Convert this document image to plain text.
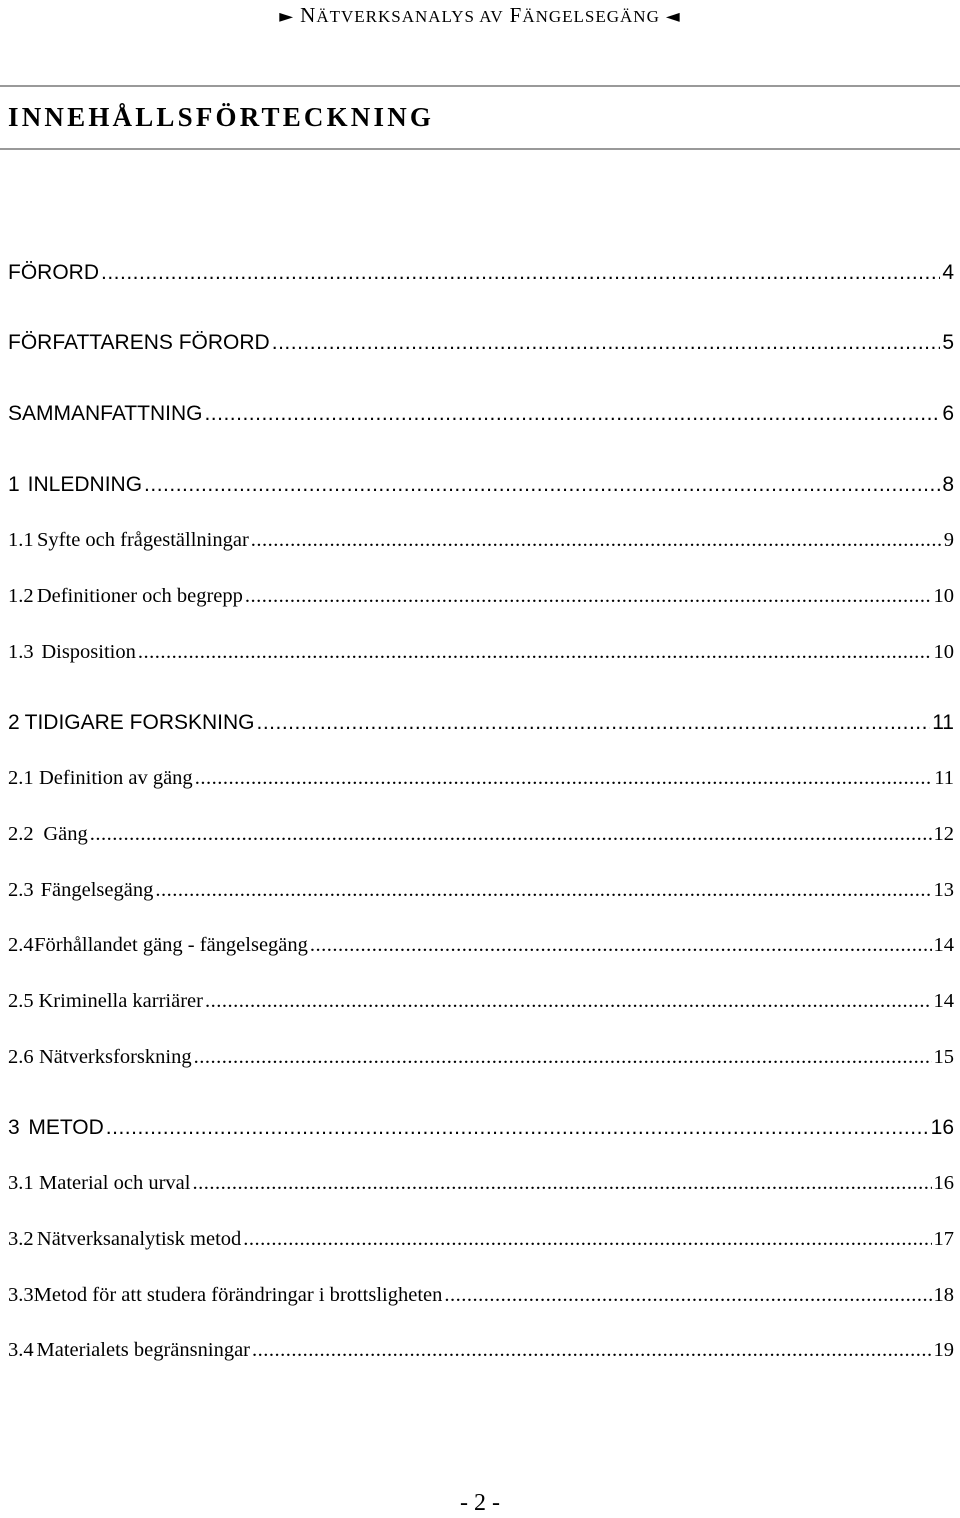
► NÄTVERKSANALYS AV FÄNGELSEGÄNG ◄
INNEHÅLLSFÖRTECKNING
FÖRORD .....	4
FÖRFATTARENS FÖRORD .....	5
SAMMANFATTNING .....	6
1 INLEDNING .....	8
1.1 Syfte och frågeställningar .....	9
1.2 Definitioner och begrepp .....	10
1.3 Disposition .....	10
2 TIDIGARE FORSKNING .....	11
2.1 Definition av gäng .....	11
2.2 Gäng .....	12
2.3 Fängelsegäng .....	13
2.4 Förhållandet gäng - fängelsegäng .....	14
2.5 Kriminella karriärer .....	14
2.6 Nätverksforskning .....	15
3 METOD .....	16
3.1 Material och urval .....	16
3.2 Nätverksanalytisk metod .....	17
3.3 Metod för att studera förändringar i brottsligheten .....	18
3.4 Materialets begränsningar .....	19
- 2 -
